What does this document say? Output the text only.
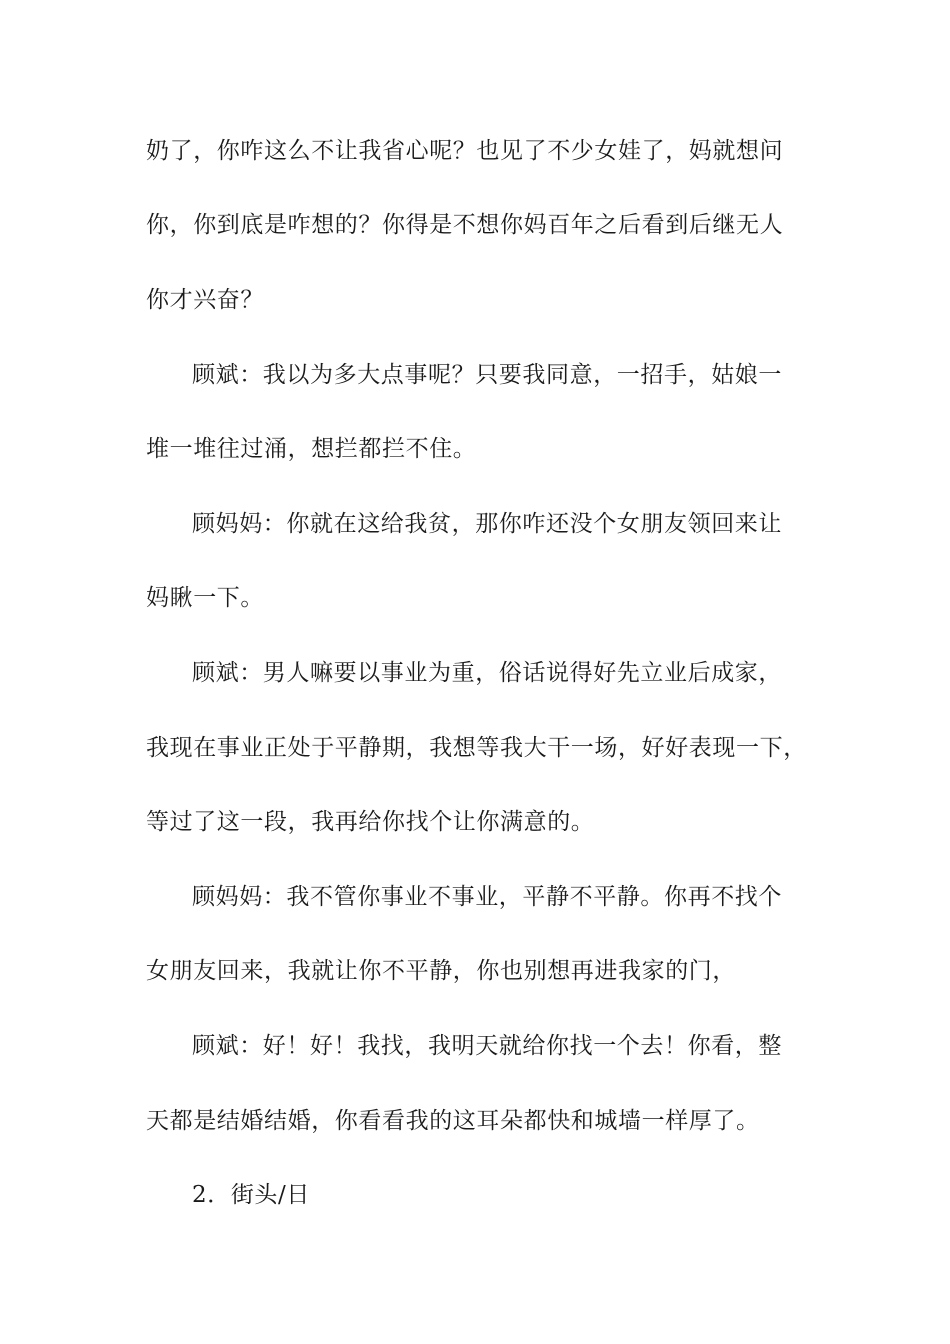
奶了，你咋这么不让我省心呢？也见了不少女娃了，妈就想问
你，你到底是咋想的？你得是不想你妈百年之后看到后继无人
你才兴奋？
顾斌：我以为多大点事呢？只要我同意，一招手，姑娘一
堆一堆往过涌，想拦都拦不住。
顾妈妈：你就在这给我贫，那你咋还没个女朋友领回来让
妈瞅一下。
顾斌：男人嘛要以事业为重，俗话说得好先立业后成家，
我现在事业正处于平静期，我想等我大干一场，好好表现一下，
等过了这一段，我再给你找个让你满意的。
顾妈妈：我不管你事业不事业，平静不平静。你再不找个
女朋友回来，我就让你不平静，你也别想再进我家的门，
顾斌：好！好！我找，我明天就给你找一个去！你看，整
天都是结婚结婚，你看看我的这耳朵都快和城墙一样厚了。
2．街头/日
